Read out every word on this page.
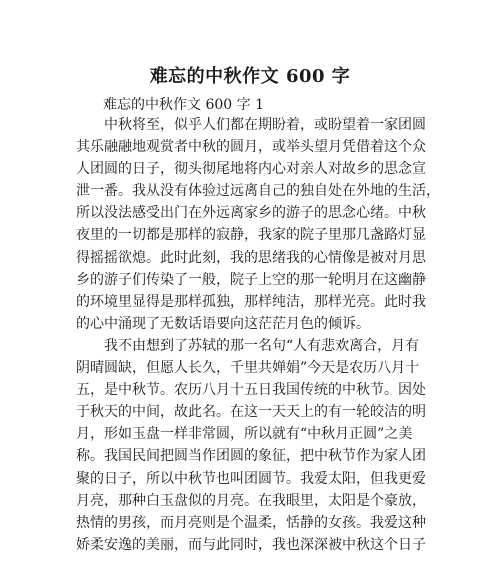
难忘的中秋作文 600 字

难忘的中秋作文 600 字 1

　　中秋将至，似乎人们都在期盼着，或盼望着一家团圆
其乐融融地观赏者中秋的圆月，或举头望月凭借着这个众
人团圆的日子，彻头彻尾地将内心对亲人对故乡的思念宣
泄一番。我从没有体验过远离自己的独自处在外地的生活，
所以没法感受出门在外远离家乡的游子的思念心绪。中秋
夜里的一切都是那样的寂静，我家的院子里那几盏路灯显
得摇摇欲熄。此时此刻，我的思绪我的心情像是被对月思
乡的游子们传染了一般，院子上空的那一轮明月在这幽静
的环境里显得是那样孤独，那样纯洁，那样光亮。此时我
的心中涌现了无数话语要向这茫茫月色的倾诉。
　　我不由想到了苏轼的那一名句“人有悲欢离合，月有
阴晴圆缺，但愿人长久，千里共婵娟”今天是农历八月十
五，是中秋节。农历八月十五日我国传统的中秋节。因处
于秋天的中间，故此名。在这一天天上的有一轮皎洁的明
月，形如玉盘一样非常圆，所以就有“中秋月正圆”之美
称。我国民间把圆当作团圆的象征，把中秋节作为家人团
聚的日子，所以中秋节也叫团圆节。我爱太阳，但我更爱
月亮，那种白玉盘似的月亮。在我眼里，太阳是个豪放，
热情的男孩，而月亮则是个温柔，恬静的女孩。我爱这种
娇柔安逸的美丽，而与此同时，我也深深被中秋这个日子
